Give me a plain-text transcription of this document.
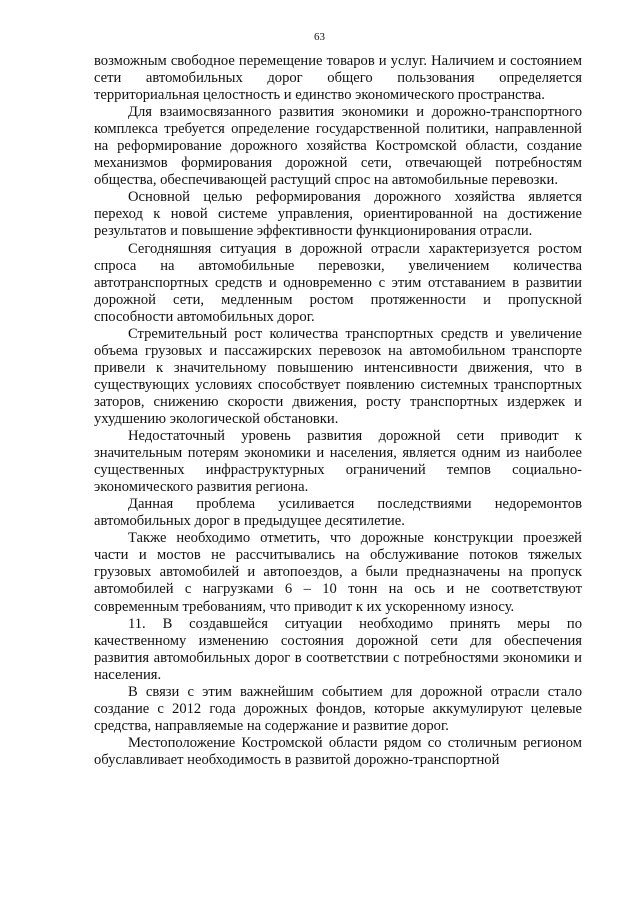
63

возможным свободное перемещение товаров и услуг. Наличием и состоянием сети автомобильных дорог общего пользования определяется территориальная целостность и единство экономического пространства.

Для взаимосвязанного развития экономики и дорожно-транспортного комплекса требуется определение государственной политики, направленной на реформирование дорожного хозяйства Костромской области, создание механизмов формирования дорожной сети, отвечающей потребностям общества, обеспечивающей растущий спрос на автомобильные перевозки.

Основной целью реформирования дорожного хозяйства является переход к новой системе управления, ориентированной на достижение результатов и повышение эффективности функционирования отрасли.

Сегодняшняя ситуация в дорожной отрасли характеризуется ростом спроса на автомобильные перевозки, увеличением количества автотранспортных средств и одновременно с этим отставанием в развитии дорожной сети, медленным ростом протяженности и пропускной способности автомобильных дорог.

Стремительный рост количества транспортных средств и увеличение объема грузовых и пассажирских перевозок на автомобильном транспорте привели к значительному повышению интенсивности движения, что в существующих условиях способствует появлению системных транспортных заторов, снижению скорости движения, росту транспортных издержек и ухудшению экологической обстановки.

Недостаточный уровень развития дорожной сети приводит к значительным потерям экономики и населения, является одним из наиболее существенных инфраструктурных ограничений темпов социально-экономического развития региона.

Данная проблема усиливается последствиями недоремонтов автомобильных дорог в предыдущее десятилетие.

Также необходимо отметить, что дорожные конструкции проезжей части и мостов не рассчитывались на обслуживание потоков тяжелых грузовых автомобилей и автопоездов, а были предназначены на пропуск автомобилей с нагрузками 6 – 10 тонн на ось и не соответствуют современным требованиям, что приводит к их ускоренному износу.

11. В создавшейся ситуации необходимо принять меры по качественному изменению состояния дорожной сети для обеспечения развития автомобильных дорог в соответствии с потребностями экономики и населения.

В связи с этим важнейшим событием для дорожной отрасли стало создание с 2012 года дорожных фондов, которые аккумулируют целевые средства, направляемые на содержание и развитие дорог.

Местоположение Костромской области рядом со столичным регионом обуславливает необходимость в развитой дорожно-транспортной
